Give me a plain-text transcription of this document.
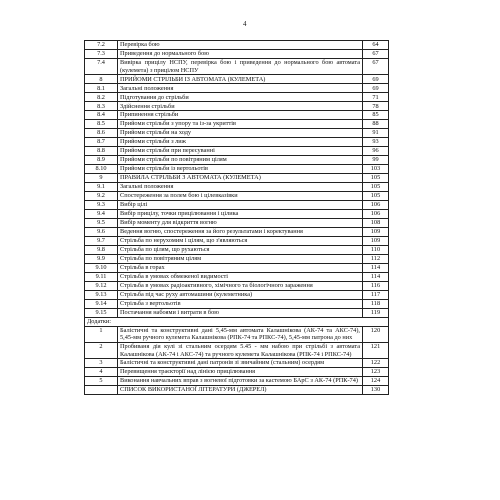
4
7.2	Перевірка бою	64
7.3	Приведення до нормального бою	67
7.4	Вивірка прицілу НСПУ, перевірка бою і приведення до нормального бою автомата (кулемета) з прицілом НСПУ	67
8	ПРИЙОМИ СТРІЛЬБИ ІЗ АВТОМАТА (КУЛЕМЕТА)	69
8.1	Загальні положення	69
8.2	Підготування до стрільби	71
8.3	Здійснення стрільби	78
8.4	Припинення стрільби	85
8.5	Прийоми стрільби з упору та із-за укриттів	88
8.6	Прийоми стрільби на ходу	91
8.7	Прийоми стрільби з лиж	93
8.8	Прийоми стрільби при пересуванні	96
8.9	Прийоми стрільби по повітряним цілям	99
8.10	Прийоми стрільби із вертольотів	103
9	ПРАВИЛА СТРІЛЬБИ З АВТОМАТА (КУЛЕМЕТА)	105
9.1	Загальні положення	105
9.2	Спостереження за полем бою і цілевказівки	105
9.3	Вибір цілі	106
9.4	Вибір прицілу, точки прицілювання і цілика	106
9.5	Вибір моменту для відкриття вогню	108
9.6	Ведення вогню, спостереження за його результатами і коректування	109
9.7	Стрільба по нерухомим і цілям, що з'являються	109
9.8	Стрільба по цілям, що рухаються	110
9.9	Стрільба по повітряним цілям	112
9.10	Стрільба в горах	114
9.11	Стрільба в умовах обмеженої видимості	114
9.12	Стрільба в умовах радіоактивного, хімічного та біологічного зараження	116
9.13	Стрільба під час руху автомашини (кулеметника)	117
9.14	Стрільба з вертольотів	118
9.15	Постачання набоями і витрати в бою	119
Додатки:		
1	Балістичні та конструктивні дані 5,45-мм автомата Калашнікова (АК-74 та АКС-74), 5,45-мм ручного кулемета Калашнікова (РПК-74 та РПКС-74), 5,45-мм патрона до них	120
2	Пробиваня дія кулі зі стальним осердям 5.45 - мм набою при стрільбі з автомата Калашнікова (АК-74 і АКС-74) та ручного кулемета Калашнікова (РПК-74 і РПКС-74)	121
3	Балістичні та конструктивні дані патронів зі звичайним (стальним) осердям	122
4	Перевищення траєкторії над лінією прицілювання	123
5	Виконання навчальних вправ з вогневої підготовки за кастемою БАрС з АК-74 (РПК-74)	124
	СПИСОК ВИКОРИСТАНОЇ ЛІТЕРАТУРИ (ДЖЕРЕЛ)	130
